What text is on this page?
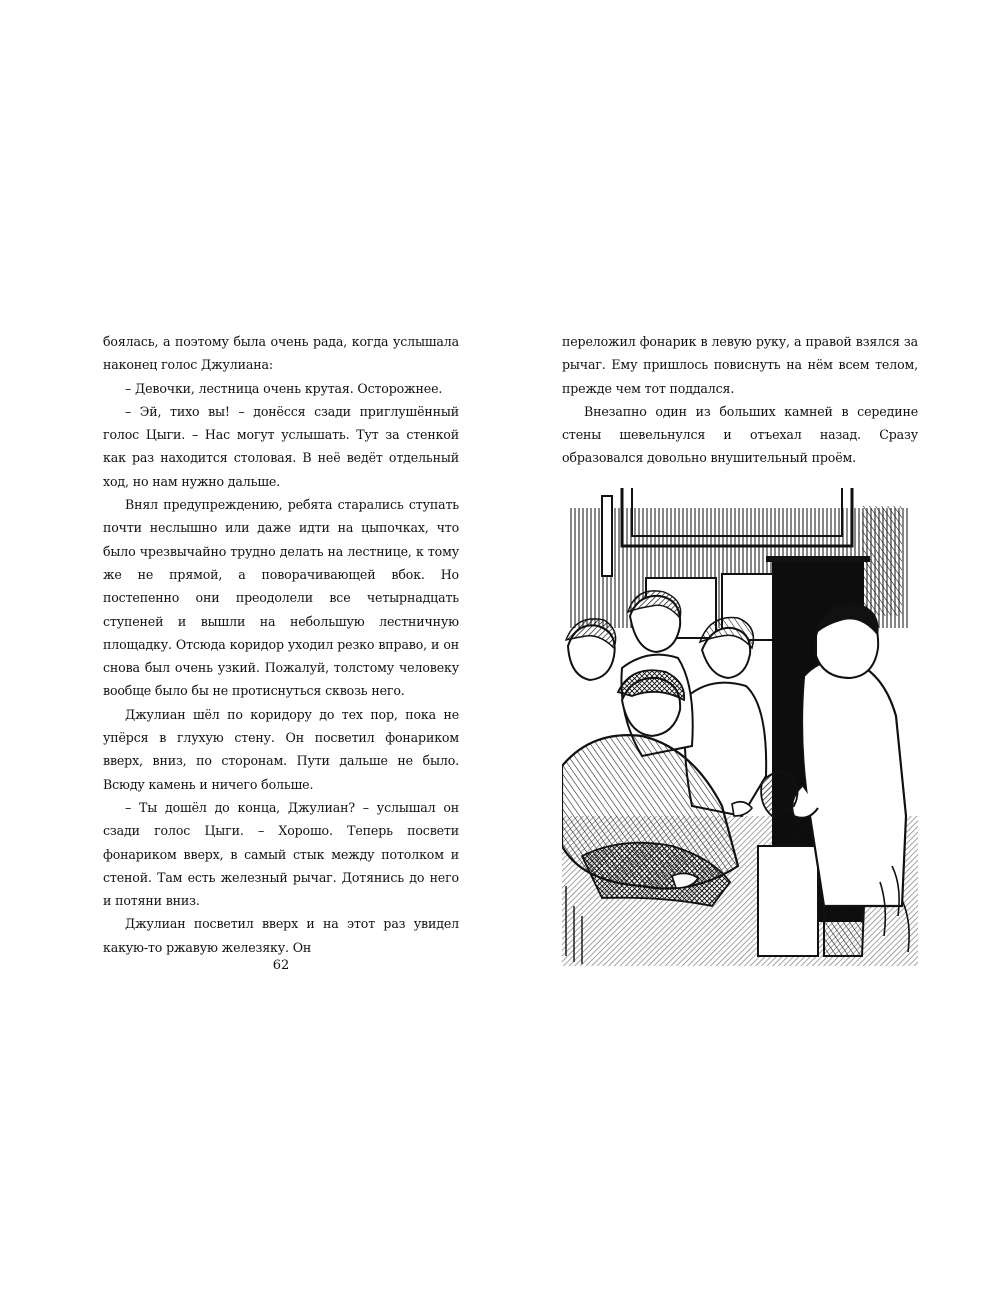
боялась, а поэтому была очень рада, когда услышала наконец голос Джулиана:

– Девочки, лестница очень крутая. Осторожнее.

– Эй, тихо вы! – донёсся сзади приглушённый голос Цыги. – Нас могут услышать. Тут за стенкой как раз находится столовая. В неё ведёт отдельный ход, но нам нужно дальше.

Внял предупреждению, ребята старались ступать почти неслышно или даже идти на цыпочках, что было чрезвычайно трудно делать на лестнице, к тому же не прямой, а поворачивающей вбок. Но постепенно они преодолели все четырнадцать ступеней и вышли на небольшую лестничную площадку. Отсюда коридор уходил резко вправо, и он снова был очень узкий. Пожалуй, толстому человеку вообще было бы не протиснуться сквозь него.

Джулиан шёл по коридору до тех пор, пока не упёрся в глухую стену. Он посветил фонариком вверх, вниз, по сторонам. Пути дальше не было. Всюду камень и ничего больше.

– Ты дошёл до конца, Джулиан? – услышал он сзади голос Цыги. – Хорошо. Теперь посвети фонариком вверх, в самый стык между потолком и стеной. Там есть железный рычаг. Дотянись до него и потяни вниз.

Джулиан посветил вверх и на этот раз увидел какую-то ржавую железяку. Он

62

переложил фонарик в левую руку, а правой взялся за рычаг. Ему пришлось повиснуть на нём всем телом, прежде чем тот поддался.

Внезапно один из больших камней в середине стены шевельнулся и отъехал назад. Сразу образовался довольно внушительный проём.
